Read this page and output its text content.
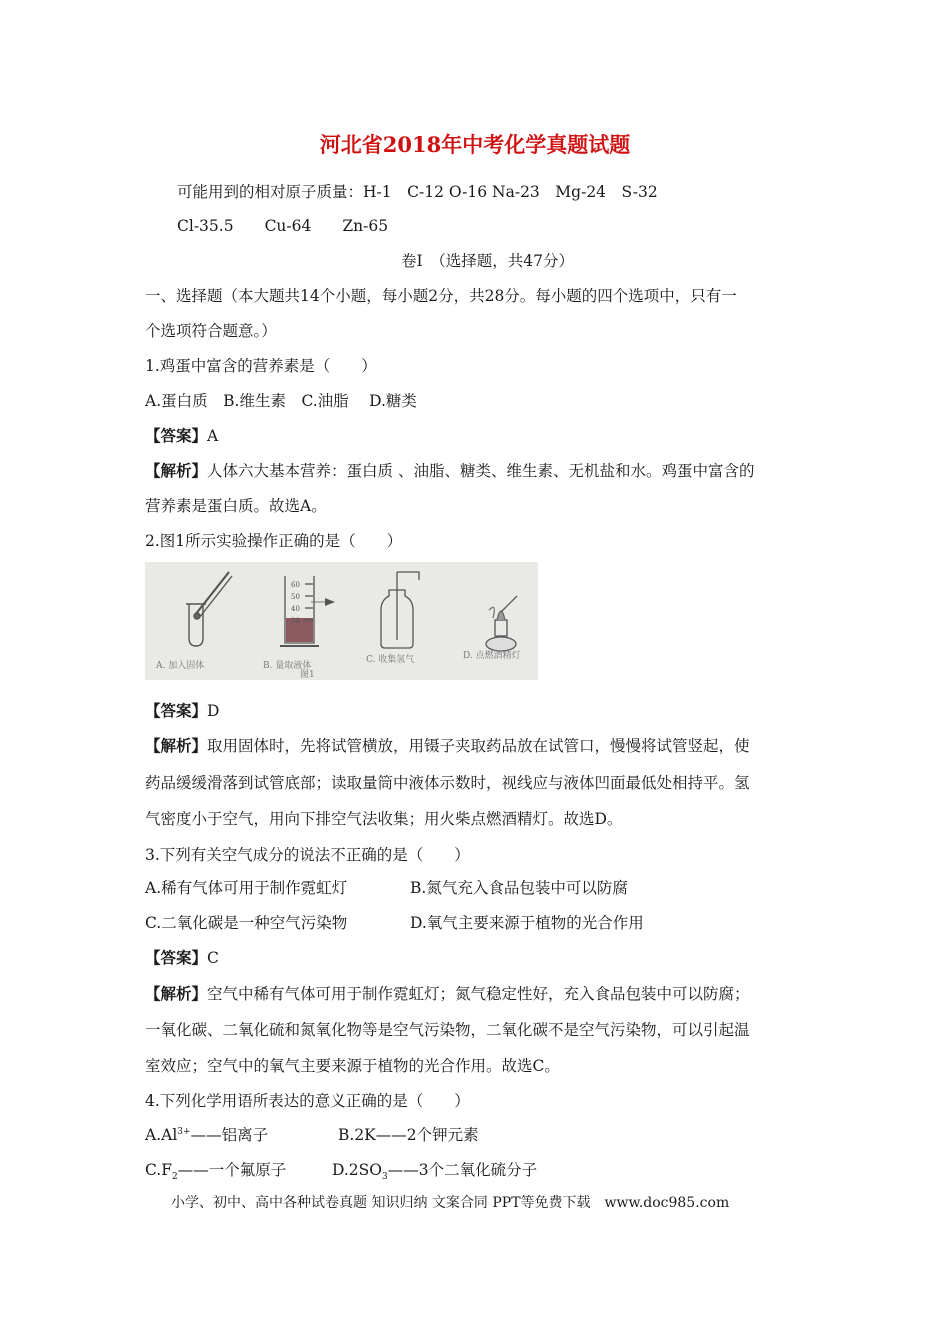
河北省2018年中考化学真题试题
可能用到的相对原子质量：H-1　C-12 O-16 Na-23　Mg-24　S-32
Cl-35.5　　Cu-64　　Zn-65
卷Ⅰ　（选择题，共47分）
一、选择题（本大题共14个小题，每小题2分，共28分。每小题的四个选项中，只有一
个选项符合题意。）
1.鸡蛋中富含的营养素是（　　）
A.蛋白质　B.维生素　C.油脂　 D.糖类
【答案】A
【解析】人体六大基本营养：蛋白质 、油脂、糖类、维生素、无机盐和水。鸡蛋中富含的
营养素是蛋白质。故选A。
2.图1所示实验操作正确的是（　　）
60
50
40
30
A. 加入固体	B. 量取液体
C. 收集氢气	D. 点燃酒精灯
图1
【答案】D
【解析】取用固体时，先将试管横放，用镊子夹取药品放在试管口，慢慢将试管竖起，使
药品缓缓滑落到试管底部；读取量筒中液体示数时，视线应与液体凹面最低处相持平。氢
气密度小于空气，用向下排空气法收集；用火柴点燃酒精灯。故选D。
3.下列有关空气成分的说法不正确的是（　　）
A.稀有气体可用于制作霓虹灯	B.氮气充入食品包装中可以防腐
C.二氧化碳是一种空气污染物	D.氧气主要来源于植物的光合作用
【答案】C
【解析】空气中稀有气体可用于制作霓虹灯；氮气稳定性好，充入食品包装中可以防腐；
一氧化碳、二氧化硫和氮氧化物等是空气污染物，二氧化碳不是空气污染物，可以引起温
室效应；空气中的氧气主要来源于植物的光合作用。故选C。
4.下列化学用语所表达的意义正确的是（　　）
$A.Al^{3+}——$铝离子	B.2K——2个钾元素
$C.F_2——$一个氟原子	$D.2SO_3——3$个二氧化硫分子
小学、初中、高中各种试卷真题 知识归纳 文案合同 PPT等免费下载　www.doc985.com
